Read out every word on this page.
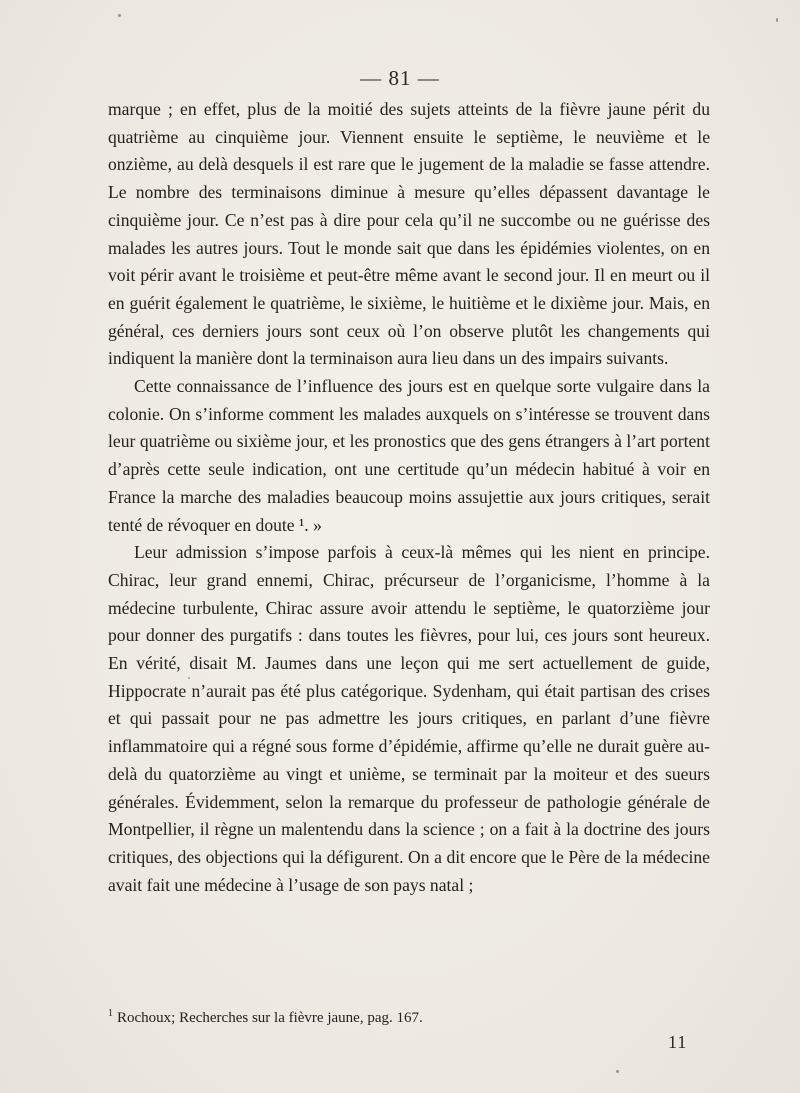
— 81 —

marque ; en effet, plus de la moitié des sujets atteints de la fièvre jaune périt du quatrième au cinquième jour. Viennent ensuite le septième, le neuvième et le onzième, au delà desquels il est rare que le jugement de la maladie se fasse attendre. Le nombre des terminaisons diminue à mesure qu’elles dépassent davantage le cinquième jour. Ce n’est pas à dire pour cela qu’il ne succombe ou ne guérisse des malades les autres jours. Tout le monde sait que dans les épidémies violentes, on en voit périr avant le troisième et peut-être même avant le second jour. Il en meurt ou il en guérit également le quatrième, le sixième, le huitième et le dixième jour. Mais, en général, ces derniers jours sont ceux où l’on observe plutôt les changements qui indiquent la manière dont la terminaison aura lieu dans un des impairs suivants.

Cette connaissance de l’influence des jours est en quelque sorte vulgaire dans la colonie. On s’informe comment les malades auxquels on s’intéresse se trouvent dans leur quatrième ou sixième jour, et les pronostics que des gens étrangers à l’art portent d’après cette seule indication, ont une certitude qu’un médecin habitué à voir en France la marche des maladies beaucoup moins assujettie aux jours critiques, serait tenté de révoquer en doute ¹. »

Leur admission s’impose parfois à ceux-là mêmes qui les nient en principe. Chirac, leur grand ennemi, Chirac, précurseur de l’organicisme, l’homme à la médecine turbulente, Chirac assure avoir attendu le septième, le quatorzième jour pour donner des purgatifs : dans toutes les fièvres, pour lui, ces jours sont heureux. En vérité, disait M. Jaumes dans une leçon qui me sert actuellement de guide, Hippocrate n’aurait pas été plus catégorique. Sydenham, qui était partisan des crises et qui passait pour ne pas admettre les jours critiques, en parlant d’une fièvre inflammatoire qui a régné sous forme d’épidémie, affirme qu’elle ne durait guère au-delà du quatorzième au vingt et unième, se terminait par la moiteur et des sueurs générales. Évidemment, selon la remarque du professeur de pathologie générale de Montpellier, il règne un malentendu dans la science ; on a fait à la doctrine des jours critiques, des objections qui la défigurent. On a dit encore que le Père de la médecine avait fait une médecine à l’usage de son pays natal ;

$^1$ Rochoux; Recherches sur la fièvre jaune, pag. 167.
11
